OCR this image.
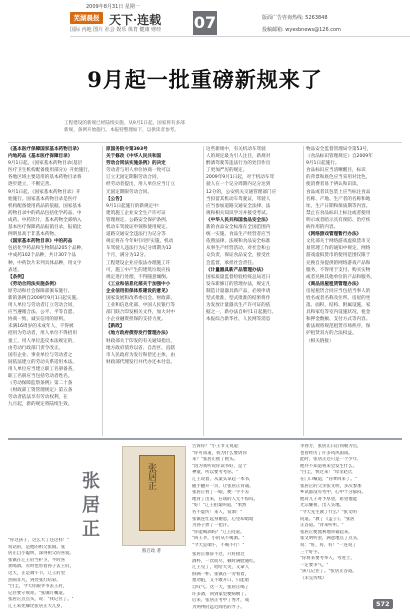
2009年8月31日 星期一
芜湖晨报 天下·连载 07
国际 内地 图片 社会 娱乐 体育 健康 财经
版面广告咨询热线: 5263848
投稿邮箱: wyesbnews@126.com
9月起一批重磅新规来了
工程建设的新规已经陆续实施，从9月1日起，国家将有多部
新规、条例开始施行。本报特整理如下，以供读者参考。
《基本医疗保障国家基本药物目录》
内地药品《基本医疗保障目录》
9月1日起，《国家基本药物目录(基层
医疗卫生机构配备使用部分)》开始施行，
各地区域主要适用的基本药物目录将
逐步建立，不断完善。
9月1日起，《国家基本药物目录》开
始施行。国家基本药物目录是医疗
机构配备使用药品的依据，国家基本
药物目录中的药品包括化学药品、中
成药、中药饮片，基本药物全部纳入
基本医疗保障药品报销目录，报销比
例明显高于非基本药物。
《国家基本药物目录》中的药品
包括化学药品和生物制品205个品种，
中成药102个品种，共计307个品
种，中药饮片未列具体品种，用文字
表述。
【条例】
《劳动合同法实施条例》
原劳动和社会保障部颁布施行。
新的条例自2009年9月1日起实施。
用人单位与劳动者订立劳动合同，
应当遵循合法、公平、平等自愿、
协商一致、诚实信用的原则。
未满16周岁的未成年人，不得被
招用为劳动者，用人单位不得招用
童工，用人单位违反本法规定的，
由劳动行政部门责令改正。
国有企业、事业单位与劳动者之
间依法建立的劳动关系适用本法。
用人单位应当建立职工名册备查，
职工名册应当包括劳动者姓名。
《劳动保障监察条例》第二十条
《财政部工资管理规定》第五条
劳动者依法享有劳动权利，在
九月起，新的规定将陆续生效。
原国务院令第393号
关于修改《中华人民共和国
劳动合同法实施条例》的决定
劳动者与用人单位协商一致可以
订立无固定期限劳动合同，
经劳动者提出，用人单位应当订立
无固定期限劳动合同。
【公告】
9月1日起施行的新规定中：
建筑施工企业安全生产许可证
管理规定、公路安全保护条例、
机动车驾驶证申领和使用规定、
道路交通安全违法行为记分等
规定将在今年9月同步实施，机动
车驾驶人违法行为记分周期为12
个月，满分为12分。
工程建设企业应依法办理施工许
可，施工中产生的建筑垃圾应按
规定进行处理，不得随意倾倒。
《工业和信息化部关于加强中小
企业信用担保体系建设的意见》
国家发展和改革委员会、财政部、
工业和信息化部、中国人民银行等
部门联合印发相关文件，加大对中
小企业融资担保的支持力度。
【新政】
《地方政府债券发行管理办法》
财政部关于印发的有关通知指出，
地方政府债券以省、自治区、直辖
市人民政府为发行和偿还主体，由
财政部代理发行并代办还本付息。
这些新规中，有关机动车驾驶
人的规定最为引人注目，新规对
醉酒驾驶等违法行为的处罚作出
了更加严厉的规定。
2009年9月1日起，对于机动车驾
驶人在一个记分周期内记分达到
12分的，公安机关交通管理部门应
当扣留其机动车驾驶证，驾驶人
应当参加道路交通安全法律、法
规和相关知识学习并接受考试。
《中华人民共和国食品安全法》
新的食品安全标准在全国范围内
统一实施，食品生产经营者应当
依照法律、法规和食品安全标准
从事生产经营活动，对社会和公
众负责，保证食品安全，接受社
会监督，承担社会责任。
《计量器具新产品管理办法》
国家质量监督检验检疫总局近日
发布新修订的管理办法，规定凡
制造计量器具新产品，必须申请
型式批准，型式批准的结果将作
为发放计量器具生产许可证的依
据之一，新办法自9月1日起施行。
本报综合新华社、人民网等消息
物品安全监督管理局令第53号，
《食品标识管理规定》自2009年
9月1日起施行。
食品标识应当清晰醒目，标识
的背景和底色应当采用对比色，
使消费者易于辨认和识读。
食品或者其包装上应当标注食品
名称、产地、生产者的名称和地
址、生产日期和保质期等内容。
禁止在食品标识上标注或者使用
明示或者暗示具有预防、治疗疾
病作用的内容。
《网络游戏管理暂行办法》
文化部关于网络游戏虚拟货币交
易管理工作的通知中规定，网络
游戏虚拟货币的使用范围仅限于
兑换自身提供的网络游戏产品和
服务，不得用于支付、购买实物
或者兑换其他单位的产品和服务。
《商品房屋租赁管理办法》
房屋租赁合同应当包括当事人的
姓名或者名称及住所、房屋的坐
落、面积、结构、附属设施，家
具和家电等室内设施状况，租金
和押金数额、支付方式等内容。
新法规将规范租赁市场秩序，保
护租赁双方的合法权益。
（相关链接）
张居正	张居正
熊召政 著
"你这孩子，这么大了还这样！"
说话的，是他的祖父张镇。张
居正自小聪明，深得祖父的喜爱。
张镇在辽王府当护卫，平时喜
欢喝酒，有时也带着孙子去王府。
这天，正是端午节，辽王府里
热闹非凡，到处张灯结彩。
"白圭，今天你跟爷爷去王府，
记住要守规矩。"张镇叮嘱道。
张居正点点头，说："我记住了。"
辽王朱宪㸅比张居正大几岁，
告诉你？"小王爷又说道：
"你可知道，我为什么要请你
来？"张居正摇了摇头。
"因为我听说你读书好，是个
神童，所以要考考你。"
辽王说着，从案头拿起一本书，
随手翻开一页，让张居正背诵。
张居正看了一眼，便一字不差
地背了出来，在场的人无不惊叹。
"好！"辽王拍案叫道，"果然
名不虚传！来人，赏酒！"
张镇连忙起身谢恩，心里却暗暗
为孙子捏了一把汗。
"你能喝酒吗？"辽王问道。
"回王爷，小的从不喝酒。"
"今天是端午，不喝不行！"
张居正推辞不过，只好接过
酒杯，一饮而尽，顿时满脸通红。
辽王见了，哈哈大笑，又命人
斟满一杯。张镇在一旁看着，
想劝阻，又不敢开口，只能暗
自叹气。这一天，张居正喝了
许多酒，回到家里便病倒了。
后来，张居正考中了秀才，成
为荆州府远近闻名的才子。
李春芳，张居正日后同朝为官，
也曾经历了许多风风雨雨。
此时，张居正还只是一个少年，
他并不知道将来会发生什么。
"白圭，快过来！"母亲赵氏
在门口喊道，"你爹回来了。"
张居正的父亲张文明，多次参加
乡试都没有考中，心中十分郁闷。
他对儿子寄予厚望，希望他能
光宗耀祖，出人头地。
"今天先生教了什么？"张文明
问道。"教了《孟子》。"张居
正答道。"背来听听。"
张居正便流利地背诵起来。
张文明听罢，满意地点了点头，
说："好，好，好！"一连说了
三个好字。
"你将来要考举人、考进士，
一定要争气。"
"孩儿记住了。"张居正答道。
（未完待续）
572
